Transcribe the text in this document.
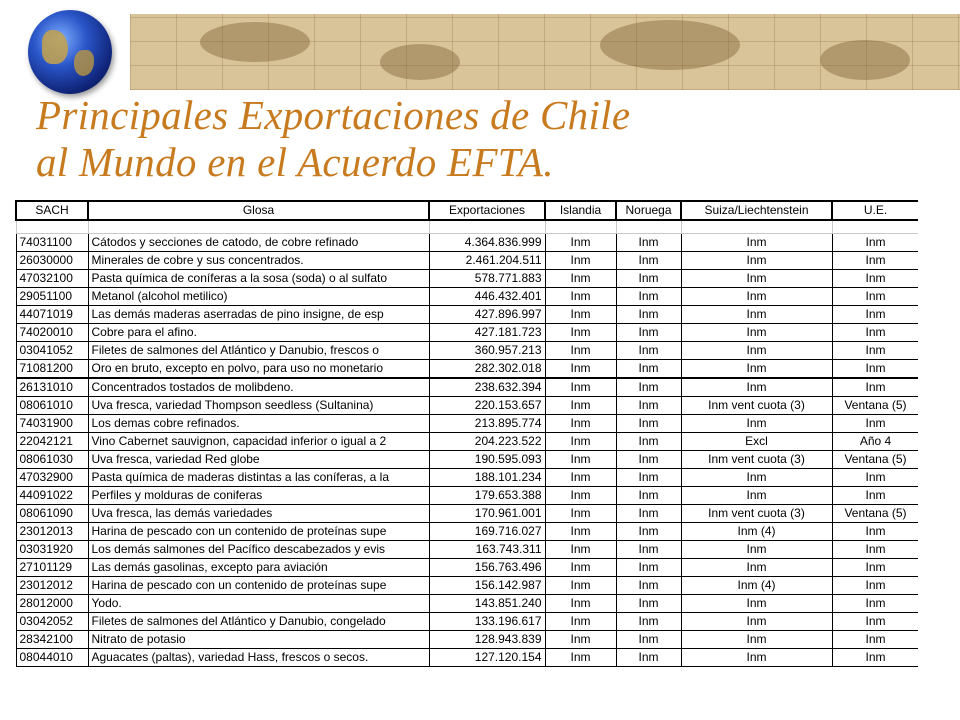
Principales Exportaciones de Chile
al Mundo en el Acuerdo EFTA.
SACH	Glosa	Exportaciones	Islandia	Noruega	Suiza/Liechtenstein	U.E.

74031100	Cátodos y secciones de catodo, de cobre refinado	4.364.836.999	Inm	Inm	Inm	Inm
26030000	Minerales de cobre y sus concentrados.	2.461.204.511	Inm	Inm	Inm	Inm
47032100	Pasta química de coníferas a la sosa (soda) o al sulfato	578.771.883	Inm	Inm	Inm	Inm
29051100	Metanol (alcohol metilico)	446.432.401	Inm	Inm	Inm	Inm
44071019	Las demás maderas aserradas de pino insigne, de esp	427.896.997	Inm	Inm	Inm	Inm
74020010	Cobre para el afino.	427.181.723	Inm	Inm	Inm	Inm
03041052	Filetes de salmones del Atlántico y Danubio, frescos o	360.957.213	Inm	Inm	Inm	Inm
71081200	Oro en bruto, excepto en polvo, para uso no monetario	282.302.018	Inm	Inm	Inm	Inm
26131010	Concentrados tostados de molibdeno.	238.632.394	Inm	Inm	Inm	Inm
08061010	Uva fresca, variedad Thompson seedless (Sultanina)	220.153.657	Inm	Inm	Inm vent cuota (3)	Ventana (5)
74031900	Los demas cobre refinados.	213.895.774	Inm	Inm	Inm	Inm
22042121	Vino Cabernet sauvignon, capacidad inferior o igual a 2	204.223.522	Inm	Inm	Excl	Año 4
08061030	Uva fresca, variedad Red globe	190.595.093	Inm	Inm	Inm vent cuota (3)	Ventana (5)
47032900	Pasta química de maderas distintas a las coníferas, a la	188.101.234	Inm	Inm	Inm	Inm
44091022	Perfiles y molduras de coniferas	179.653.388	Inm	Inm	Inm	Inm
08061090	Uva fresca, las demás variedades	170.961.001	Inm	Inm	Inm vent cuota (3)	Ventana (5)
23012013	Harina de pescado con un contenido de proteínas supe	169.716.027	Inm	Inm	Inm (4)	Inm
03031920	Los demás salmones del Pacífico descabezados y evis	163.743.311	Inm	Inm	Inm	Inm
27101129	Las demás gasolinas, excepto para aviación	156.763.496	Inm	Inm	Inm	Inm
23012012	Harina de pescado con un contenido de proteínas supe	156.142.987	Inm	Inm	Inm (4)	Inm
28012000	Yodo.	143.851.240	Inm	Inm	Inm	Inm
03042052	Filetes de salmones del Atlántico y Danubio, congelado	133.196.617	Inm	Inm	Inm	Inm
28342100	Nitrato de potasio	128.943.839	Inm	Inm	Inm	Inm
08044010	Aguacates (paltas), variedad Hass, frescos o secos.	127.120.154	Inm	Inm	Inm	Inm
